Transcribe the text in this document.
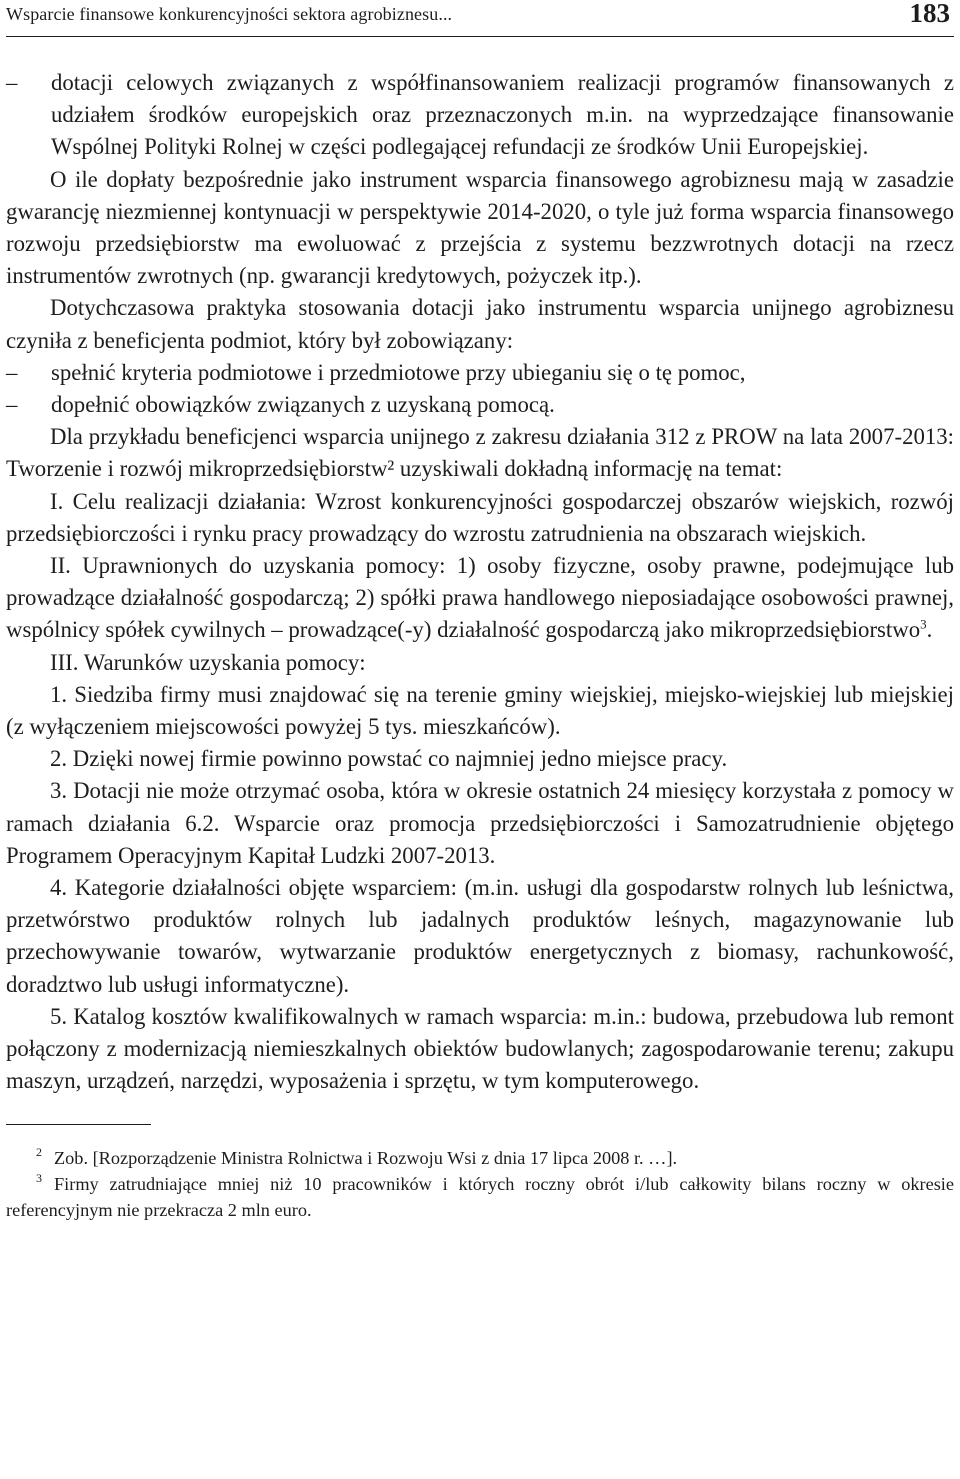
Wsparcie finansowe konkurencyjności sektora agrobiznesu...	183
–	dotacji celowych związanych z współfinansowaniem realizacji programów finansowanych z udziałem środków europejskich oraz przeznaczonych m.in. na wyprzedzające finansowanie Wspólnej Polityki Rolnej w części podlegającej refundacji ze środków Unii Europejskiej.

O ile dopłaty bezpośrednie jako instrument wsparcia finansowego agrobiznesu mają w zasadzie gwarancję niezmiennej kontynuacji w perspektywie 2014-2020, o tyle już forma wsparcia finansowego rozwoju przedsiębiorstw ma ewoluować z przejścia z systemu bezzwrotnych dotacji na rzecz instrumentów zwrotnych (np. gwarancji kredytowych, pożyczek itp.).

Dotychczasowa praktyka stosowania dotacji jako instrumentu wsparcia unijnego agrobiznesu czyniła z beneficjenta podmiot, który był zobowiązany:

–	spełnić kryteria podmiotowe i przedmiotowe przy ubieganiu się o tę pomoc,
–	dopełnić obowiązków związanych z uzyskaną pomocą.

Dla przykładu beneficjenci wsparcia unijnego z zakresu działania 312 z PROW na lata 2007-2013: Tworzenie i rozwój mikroprzedsiębiorstw² uzyskiwali dokładną informację na temat:

I. Celu realizacji działania: Wzrost konkurencyjności gospodarczej obszarów wiejskich, rozwój przedsiębiorczości i rynku pracy prowadzący do wzrostu zatrudnienia na obszarach wiejskich.

II. Uprawnionych do uzyskania pomocy: 1) osoby fizyczne, osoby prawne, podejmujące lub prowadzące działalność gospodarczą; 2) spółki prawa handlowego nieposiadające osobowości prawnej, wspólnicy spółek cywilnych – prowadzące(-y) działalność gospodarczą jako mikroprzedsiębiorstwo$^3$.

III. Warunków uzyskania pomocy:

1. Siedziba firmy musi znajdować się na terenie gminy wiejskiej, miejsko-wiejskiej lub miejskiej (z wyłączeniem miejscowości powyżej 5 tys. mieszkańców).

2. Dzięki nowej firmie powinno powstać co najmniej jedno miejsce pracy.

3. Dotacji nie może otrzymać osoba, która w okresie ostatnich 24 miesięcy korzystała z pomocy w ramach działania 6.2. Wsparcie oraz promocja przedsiębiorczości i Samozatrudnienie objętego Programem Operacyjnym Kapitał Ludzki 2007-2013.

4. Kategorie działalności objęte wsparciem: (m.in. usługi dla gospodarstw rolnych lub leśnictwa, przetwórstwo produktów rolnych lub jadalnych produktów leśnych, magazynowanie lub przechowywanie towarów, wytwarzanie produktów energetycznych z biomasy, rachunkowość, doradztwo lub usługi informatyczne).

5. Katalog kosztów kwalifikowalnych w ramach wsparcia: m.in.: budowa, przebudowa lub remont połączony z modernizacją niemieszkalnych obiektów budowlanych; zagospodarowanie terenu; zakupu maszyn, urządzeń, narzędzi, wyposażenia i sprzętu, w tym komputerowego.

$^2$ Zob. [Rozporządzenie Ministra Rolnictwa i Rozwoju Wsi z dnia 17 lipca 2008 r. …].

$^3$ Firmy zatrudniające mniej niż 10 pracowników i których roczny obrót i/lub całkowity bilans roczny w okresie referencyjnym nie przekracza 2 mln euro.
